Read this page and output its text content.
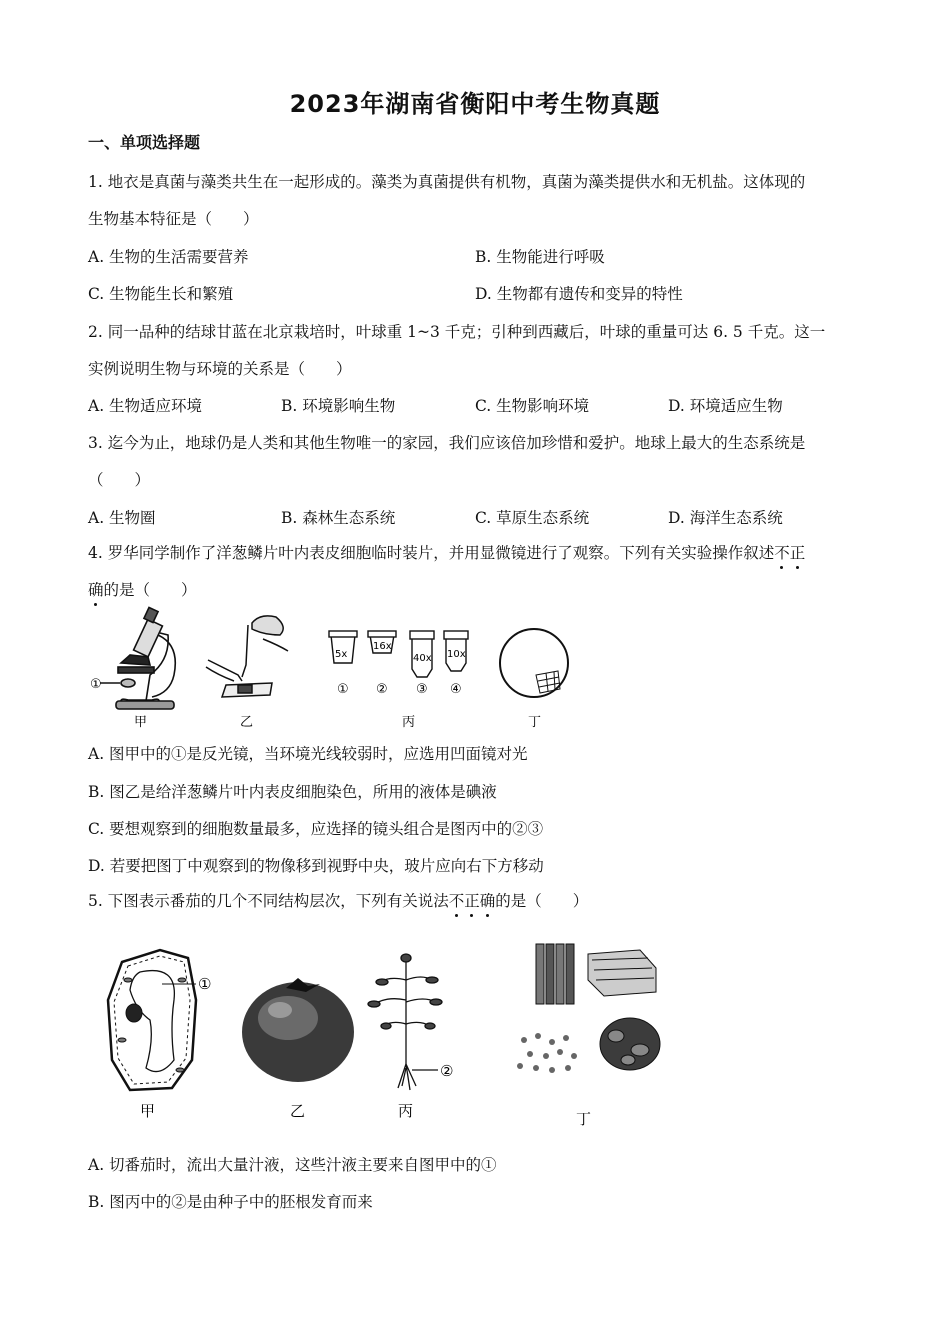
2023年湖南省衡阳中考生物真题
一、单项选择题
1. 地衣是真菌与藻类共生在一起形成的。藻类为真菌提供有机物，真菌为藻类提供水和无机盐。这体现的
生物基本特征是（　　）
A. 生物的生活需要营养	B. 生物能进行呼吸
C. 生物能生长和繁殖	D. 生物都有遗传和变异的特性
2. 同一品种的结球甘蓝在北京栽培时，叶球重 1~3 千克；引种到西藏后，叶球的重量可达 6. 5 千克。这一
实例说明生物与环境的关系是（　　）
A. 生物适应环境	B. 环境影响生物	C. 生物影响环境	D. 环境适应生物
3. 迄今为止，地球仍是人类和其他生物唯一的家园，我们应该倍加珍惜和爱护。地球上最大的生态系统是
（　　）
A. 生物圈	B. 森林生态系统	C. 草原生态系统	D. 海洋生态系统
4. 罗华同学制作了洋葱鳞片叶内表皮细胞临时装片，并用显微镜进行了观察。下列有关实验操作叙述不正
确的是（　　）
①
甲	乙
5x
16x
40x 10x
① ② ③ ④
丙	丁
A. 图甲中的①是反光镜，当环境光线较弱时，应选用凹面镜对光
B. 图乙是给洋葱鳞片叶内表皮细胞染色，所用的液体是碘液
C. 要想观察到的细胞数量最多，应选择的镜头组合是图丙中的②③
D. 若要把图丁中观察到的物像移到视野中央，玻片应向右下方移动
5. 下图表示番茄的几个不同结构层次，下列有关说法不正确的是（　　）
①
甲	乙
②
丙	丁
A. 切番茄时，流出大量汁液，这些汁液主要来自图甲中的①
B. 图丙中的②是由种子中的胚根发育而来
